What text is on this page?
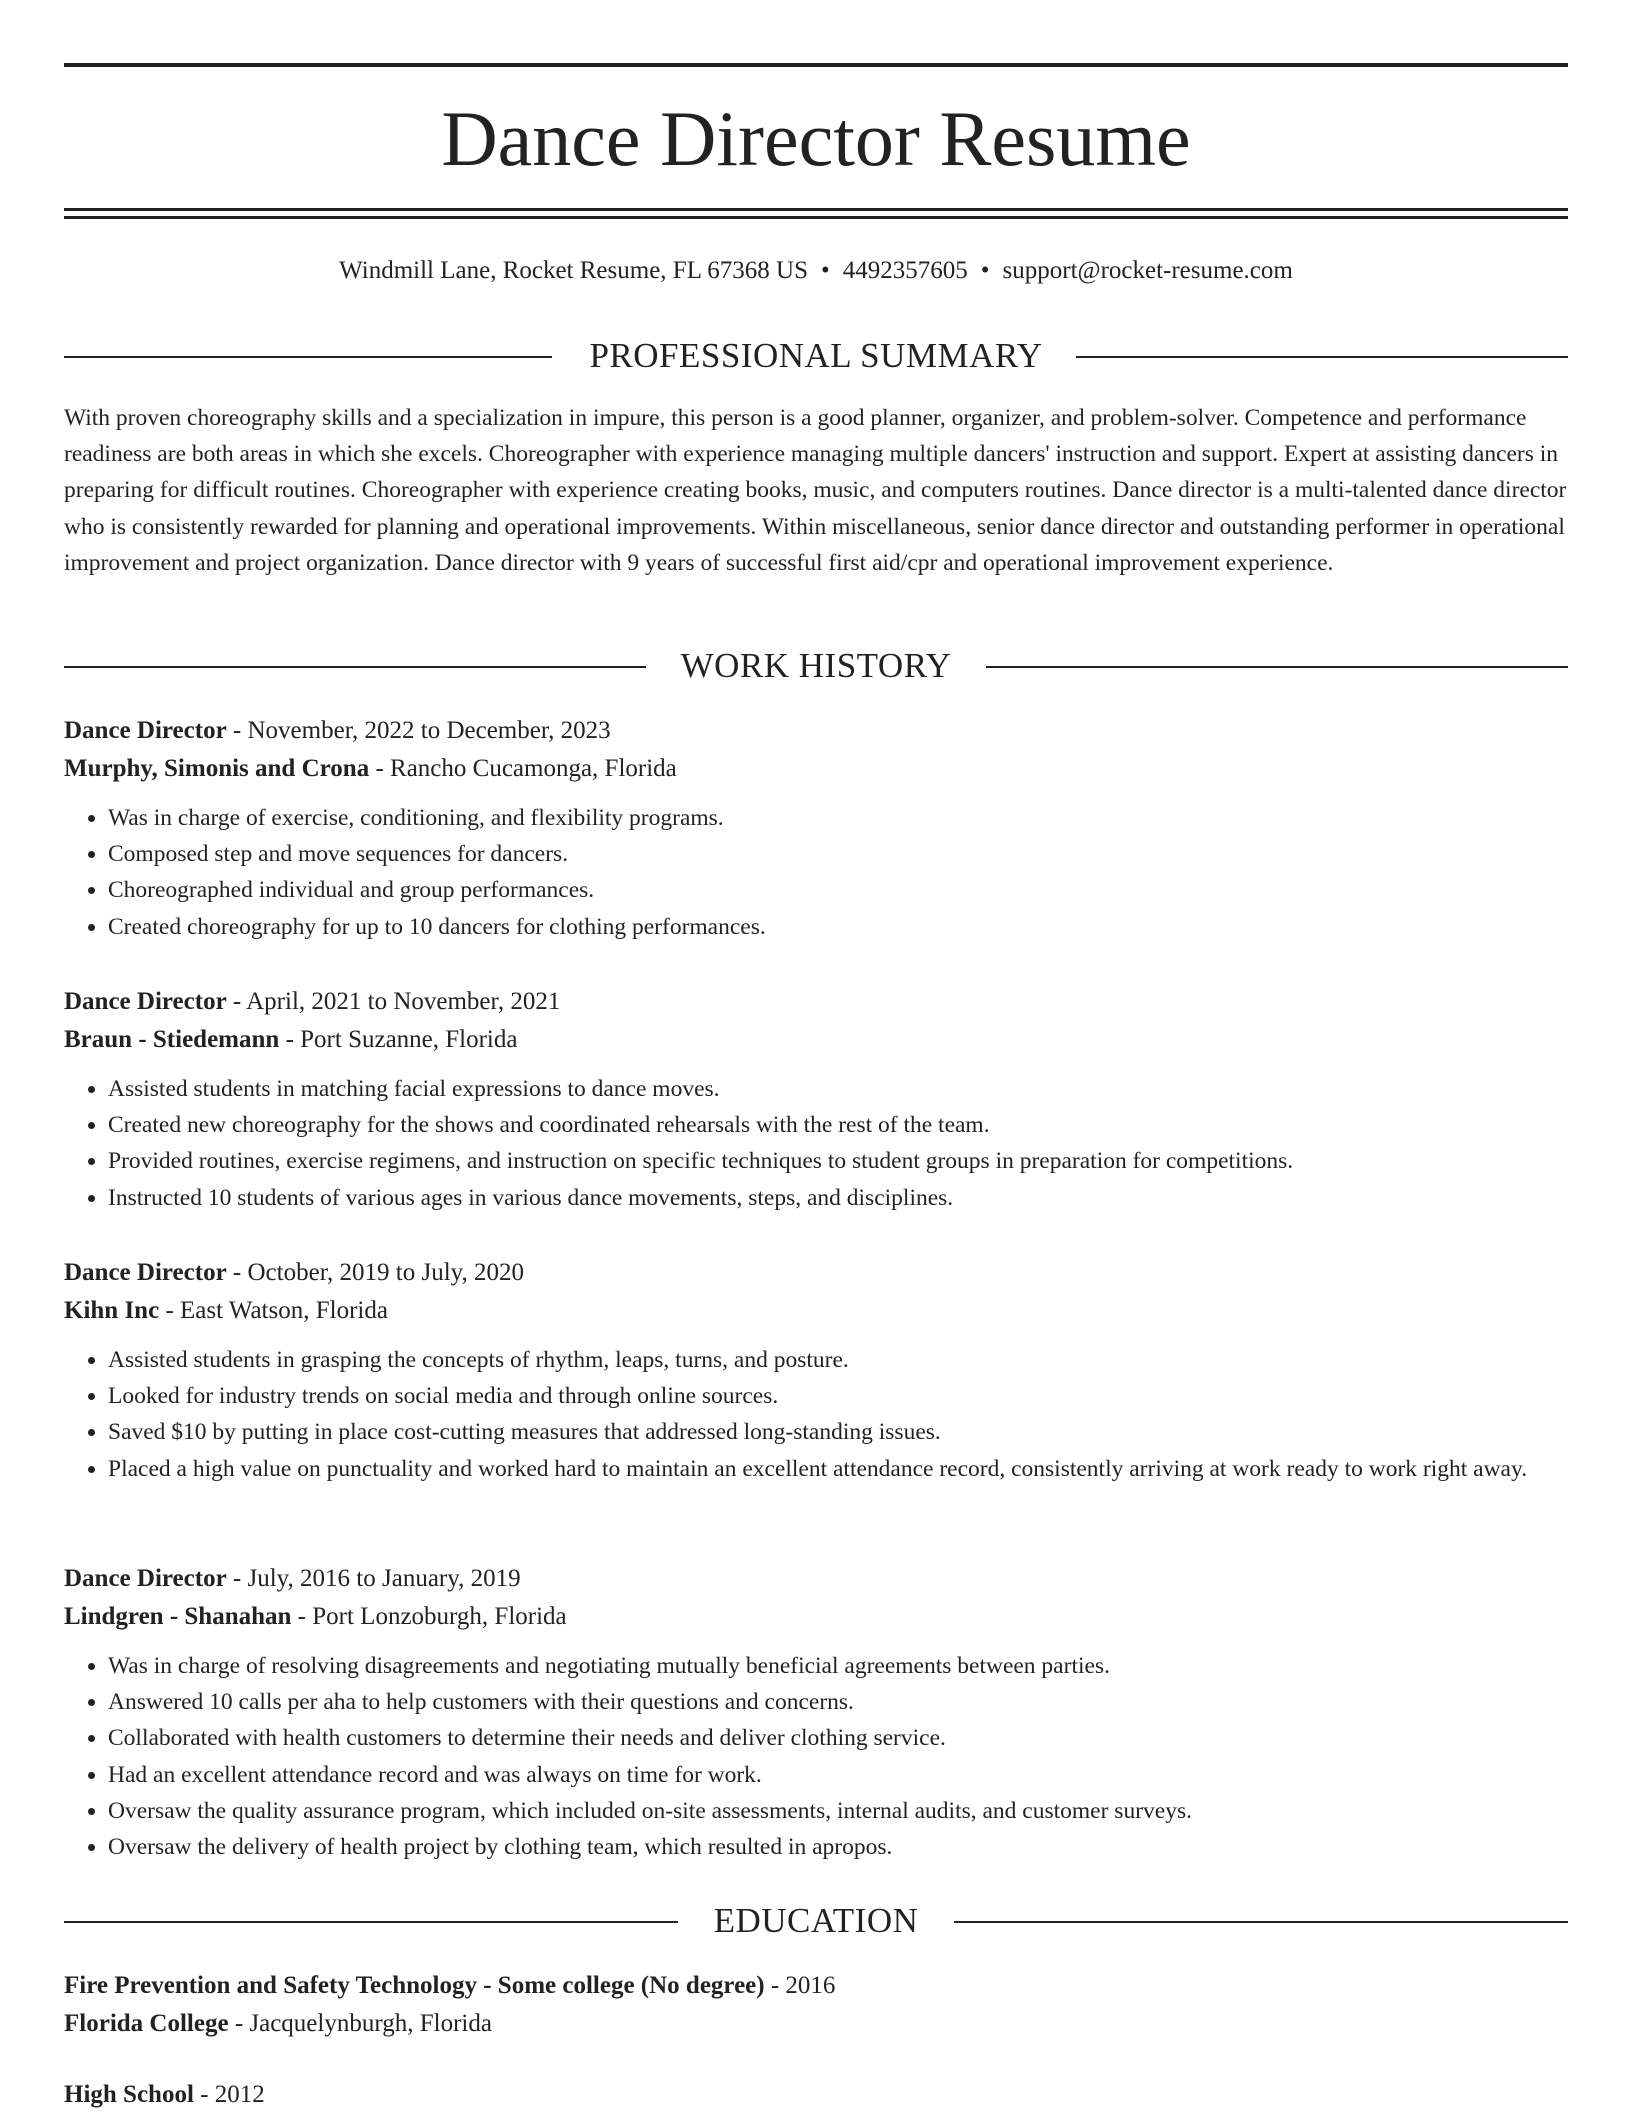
Dance Director Resume
Windmill Lane, Rocket Resume, FL 67368 US • 4492357605 • support@rocket-resume.com
PROFESSIONAL SUMMARY

With proven choreography skills and a specialization in impure, this person is a good planner, organizer, and problem-solver. Competence and performance readiness are both areas in which she excels. Choreographer with experience managing multiple dancers' instruction and support. Expert at assisting dancers in preparing for difficult routines. Choreographer with experience creating books, music, and computers routines. Dance director is a multi-talented dance director who is consistently rewarded for planning and operational improvements. Within miscellaneous, senior dance director and outstanding performer in operational improvement and project organization. Dance director with 9 years of successful first aid/cpr and operational improvement experience.

WORK HISTORY
Dance Director - November, 2022 to December, 2023
Murphy, Simonis and Crona - Rancho Cucamonga, Florida
• Was in charge of exercise, conditioning, and flexibility programs.
• Composed step and move sequences for dancers.
• Choreographed individual and group performances.
• Created choreography for up to 10 dancers for clothing performances.
Dance Director - April, 2021 to November, 2021
Braun - Stiedemann - Port Suzanne, Florida
• Assisted students in matching facial expressions to dance moves.
• Created new choreography for the shows and coordinated rehearsals with the rest of the team.
• Provided routines, exercise regimens, and instruction on specific techniques to student groups in preparation for competitions.
• Instructed 10 students of various ages in various dance movements, steps, and disciplines.
Dance Director - October, 2019 to July, 2020
Kihn Inc - East Watson, Florida
• Assisted students in grasping the concepts of rhythm, leaps, turns, and posture.
• Looked for industry trends on social media and through online sources.
• Saved $10 by putting in place cost-cutting measures that addressed long-standing issues.
• Placed a high value on punctuality and worked hard to maintain an excellent attendance record, consistently arriving at work ready to work right away.
Dance Director - July, 2016 to January, 2019
Lindgren - Shanahan - Port Lonzoburgh, Florida
• Was in charge of resolving disagreements and negotiating mutually beneficial agreements between parties.
• Answered 10 calls per aha to help customers with their questions and concerns.
• Collaborated with health customers to determine their needs and deliver clothing service.
• Had an excellent attendance record and was always on time for work.
• Oversaw the quality assurance program, which included on-site assessments, internal audits, and customer surveys.
• Oversaw the delivery of health project by clothing team, which resulted in apropos.
EDUCATION
Fire Prevention and Safety Technology - Some college (No degree) - 2016
Florida College - Jacquelynburgh, Florida
High School - 2012
